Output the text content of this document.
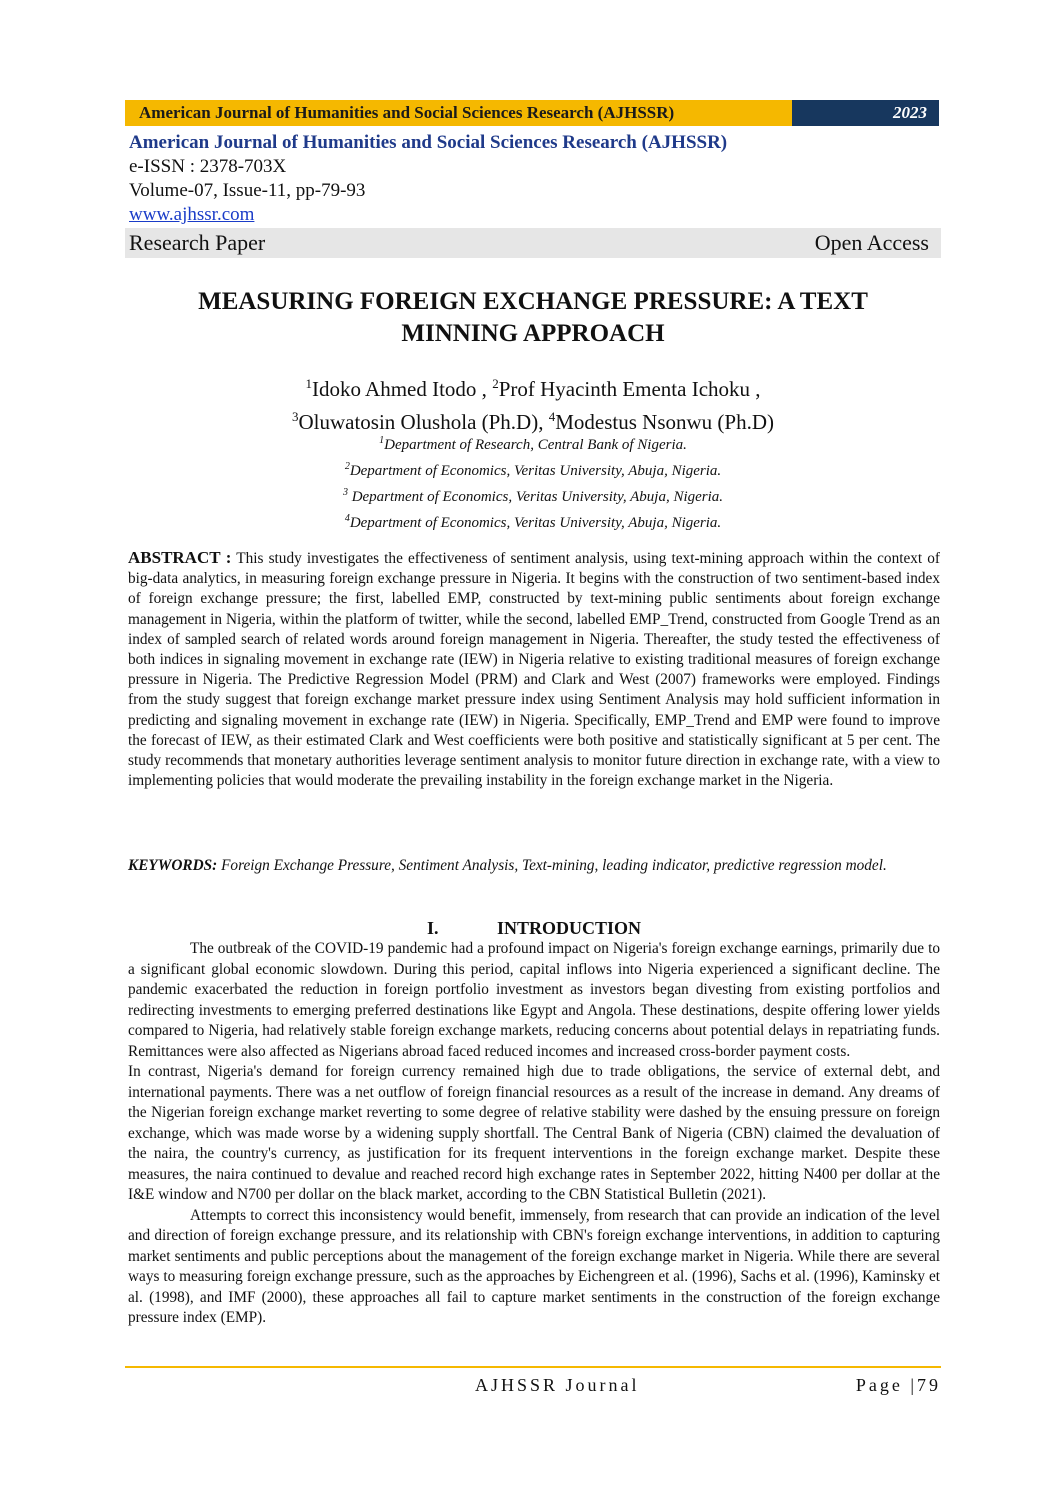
American Journal of Humanities and Social Sciences Research (AJHSSR)	2023
American Journal of Humanities and Social Sciences Research (AJHSSR)
e-ISSN : 2378-703X
Volume-07, Issue-11, pp-79-93
www.ajhssr.com
Research Paper	Open Access
MEASURING FOREIGN EXCHANGE PRESSURE: A TEXT
MINNING APPROACH
$^1$Idoko Ahmed Itodo , $^2$Prof Hyacinth Ementa Ichoku ,
$^3$Oluwatosin Olushola (Ph.D), $^4$Modestus Nsonwu (Ph.D)
$^1$Department of Research, Central Bank of Nigeria.
$^2$Department of Economics, Veritas University, Abuja, Nigeria.
$^3$ Department of Economics, Veritas University, Abuja, Nigeria.
$^4$Department of Economics, Veritas University, Abuja, Nigeria.
ABSTRACT : This study investigates the effectiveness of sentiment analysis, using text-mining approach within the context of big-data analytics, in measuring foreign exchange pressure in Nigeria. It begins with the construction of two sentiment-based index of foreign exchange pressure; the first, labelled EMP, constructed by text-mining public sentiments about foreign exchange management in Nigeria, within the platform of twitter, while the second, labelled EMP_Trend, constructed from Google Trend as an index of sampled search of related words around foreign management in Nigeria. Thereafter, the study tested the effectiveness of both indices in signaling movement in exchange rate (IEW) in Nigeria relative to existing traditional measures of foreign exchange pressure in Nigeria. The Predictive Regression Model (PRM) and Clark and West (2007) frameworks were employed. Findings from the study suggest that foreign exchange market pressure index using Sentiment Analysis may hold sufficient information in predicting and signaling movement in exchange rate (IEW) in Nigeria. Specifically, EMP_Trend and EMP were found to improve the forecast of IEW, as their estimated Clark and West coefficients were both positive and statistically significant at 5 per cent. The study recommends that monetary authorities leverage sentiment analysis to monitor future direction in exchange rate, with a view to implementing policies that would moderate the prevailing instability in the foreign exchange market in the Nigeria.
KEYWORDS: Foreign Exchange Pressure, Sentiment Analysis, Text-mining, leading indicator, predictive regression model.
I.	INTRODUCTION

The outbreak of the COVID-19 pandemic had a profound impact on Nigeria's foreign exchange earnings, primarily due to a significant global economic slowdown. During this period, capital inflows into Nigeria experienced a significant decline. The pandemic exacerbated the reduction in foreign portfolio investment as investors began divesting from existing portfolios and redirecting investments to emerging preferred destinations like Egypt and Angola. These destinations, despite offering lower yields compared to Nigeria, had relatively stable foreign exchange markets, reducing concerns about potential delays in repatriating funds. Remittances were also affected as Nigerians abroad faced reduced incomes and increased cross-border payment costs.

In contrast, Nigeria's demand for foreign currency remained high due to trade obligations, the service of external debt, and international payments. There was a net outflow of foreign financial resources as a result of the increase in demand. Any dreams of the Nigerian foreign exchange market reverting to some degree of relative stability were dashed by the ensuing pressure on foreign exchange, which was made worse by a widening supply shortfall. The Central Bank of Nigeria (CBN) claimed the devaluation of the naira, the country's currency, as justification for its frequent interventions in the foreign exchange market. Despite these measures, the naira continued to devalue and reached record high exchange rates in September 2022, hitting N400 per dollar at the I&E window and N700 per dollar on the black market, according to the CBN Statistical Bulletin (2021).

Attempts to correct this inconsistency would benefit, immensely, from research that can provide an indication of the level and direction of foreign exchange pressure, and its relationship with CBN's foreign exchange interventions, in addition to capturing market sentiments and public perceptions about the management of the foreign exchange market in Nigeria. While there are several ways to measuring foreign exchange pressure, such as the approaches by Eichengreen et al. (1996), Sachs et al. (1996), Kaminsky et al. (1998), and IMF (2000), these approaches all fail to capture market sentiments in the construction of the foreign exchange pressure index (EMP).

AJHSSR Journal	Page |79
